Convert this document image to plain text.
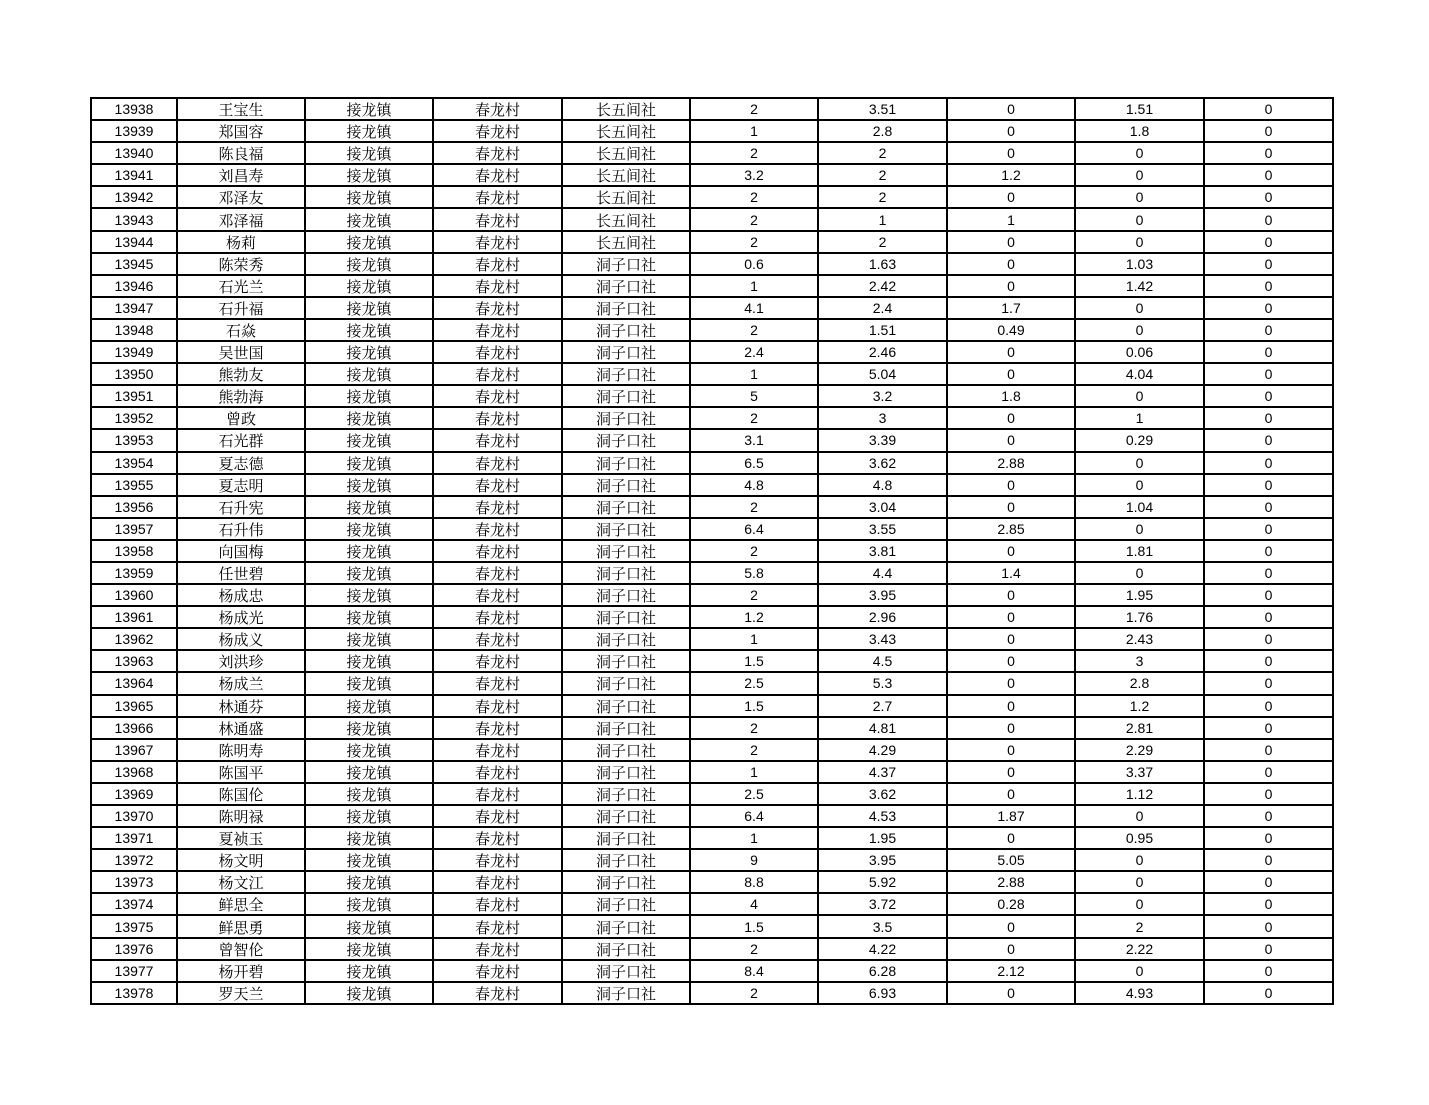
13938	王宝生	接龙镇	春龙村	长五间社	2	3.51	0	1.51	0
13939	郑国容	接龙镇	春龙村	长五间社	1	2.8	0	1.8	0
13940	陈良福	接龙镇	春龙村	长五间社	2	2	0	0	0
13941	刘昌寿	接龙镇	春龙村	长五间社	3.2	2	1.2	0	0
13942	邓泽友	接龙镇	春龙村	长五间社	2	2	0	0	0
13943	邓泽福	接龙镇	春龙村	长五间社	2	1	1	0	0
13944	杨莉	接龙镇	春龙村	长五间社	2	2	0	0	0
13945	陈荣秀	接龙镇	春龙村	洞子口社	0.6	1.63	0	1.03	0
13946	石光兰	接龙镇	春龙村	洞子口社	1	2.42	0	1.42	0
13947	石升福	接龙镇	春龙村	洞子口社	4.1	2.4	1.7	0	0
13948	石焱	接龙镇	春龙村	洞子口社	2	1.51	0.49	0	0
13949	吴世国	接龙镇	春龙村	洞子口社	2.4	2.46	0	0.06	0
13950	熊勃友	接龙镇	春龙村	洞子口社	1	5.04	0	4.04	0
13951	熊勃海	接龙镇	春龙村	洞子口社	5	3.2	1.8	0	0
13952	曾政	接龙镇	春龙村	洞子口社	2	3	0	1	0
13953	石光群	接龙镇	春龙村	洞子口社	3.1	3.39	0	0.29	0
13954	夏志德	接龙镇	春龙村	洞子口社	6.5	3.62	2.88	0	0
13955	夏志明	接龙镇	春龙村	洞子口社	4.8	4.8	0	0	0
13956	石升宪	接龙镇	春龙村	洞子口社	2	3.04	0	1.04	0
13957	石升伟	接龙镇	春龙村	洞子口社	6.4	3.55	2.85	0	0
13958	向国梅	接龙镇	春龙村	洞子口社	2	3.81	0	1.81	0
13959	任世碧	接龙镇	春龙村	洞子口社	5.8	4.4	1.4	0	0
13960	杨成忠	接龙镇	春龙村	洞子口社	2	3.95	0	1.95	0
13961	杨成光	接龙镇	春龙村	洞子口社	1.2	2.96	0	1.76	0
13962	杨成义	接龙镇	春龙村	洞子口社	1	3.43	0	2.43	0
13963	刘洪珍	接龙镇	春龙村	洞子口社	1.5	4.5	0	3	0
13964	杨成兰	接龙镇	春龙村	洞子口社	2.5	5.3	0	2.8	0
13965	林通芬	接龙镇	春龙村	洞子口社	1.5	2.7	0	1.2	0
13966	林通盛	接龙镇	春龙村	洞子口社	2	4.81	0	2.81	0
13967	陈明寿	接龙镇	春龙村	洞子口社	2	4.29	0	2.29	0
13968	陈国平	接龙镇	春龙村	洞子口社	1	4.37	0	3.37	0
13969	陈国伦	接龙镇	春龙村	洞子口社	2.5	3.62	0	1.12	0
13970	陈明禄	接龙镇	春龙村	洞子口社	6.4	4.53	1.87	0	0
13971	夏祯玉	接龙镇	春龙村	洞子口社	1	1.95	0	0.95	0
13972	杨文明	接龙镇	春龙村	洞子口社	9	3.95	5.05	0	0
13973	杨文江	接龙镇	春龙村	洞子口社	8.8	5.92	2.88	0	0
13974	鲜思全	接龙镇	春龙村	洞子口社	4	3.72	0.28	0	0
13975	鲜思勇	接龙镇	春龙村	洞子口社	1.5	3.5	0	2	0
13976	曾智伦	接龙镇	春龙村	洞子口社	2	4.22	0	2.22	0
13977	杨开碧	接龙镇	春龙村	洞子口社	8.4	6.28	2.12	0	0
13978	罗天兰	接龙镇	春龙村	洞子口社	2	6.93	0	4.93	0
